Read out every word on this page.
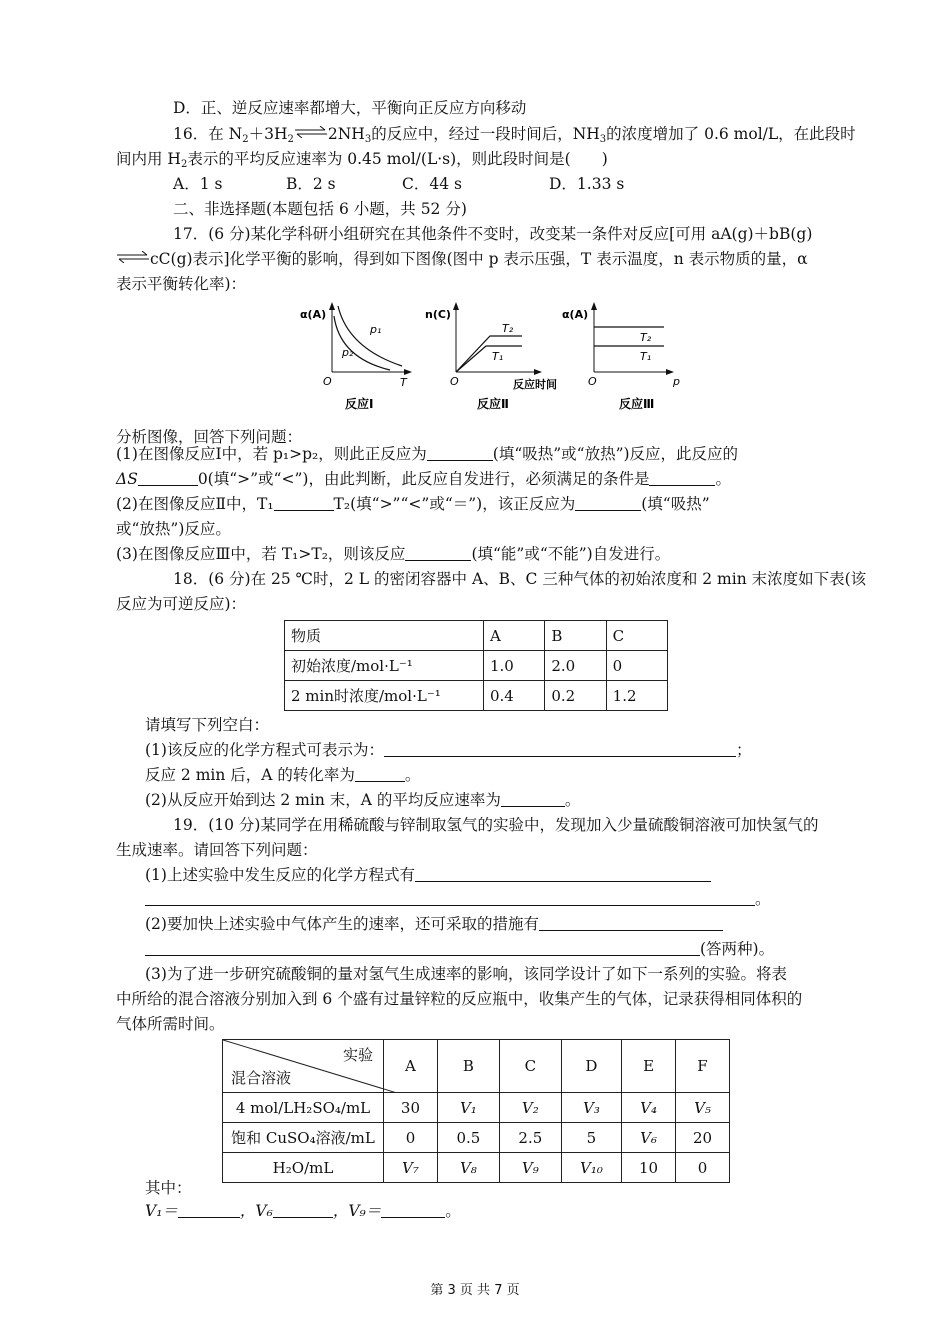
D．正、逆反应速率都增大，平衡向正反应方向移动
16．在 $N_2+3H_2$ $\rightleftharpoons 2NH_3$的反应中，经过一段时间后，$NH_3$的浓度增加了 0.6 mol/L，在此段时
间内用 $H_2$表示的平均反应速率为 0.45 mol/(L·s)，则此段时间是(　　)
A．1 s	B．2 s	C．44 s	D．1.33 s
二、非选择题(本题包括 6 小题，共 52 分)
17．(6 分)某化学科研小组研究在其他条件不变时，改变某一条件对反应[可用 aA(g)＋bB(g)
⇌cC(g)表示]化学平衡的影响，得到如下图像(图中 p 表示压强，T 表示温度，n 表示物质的量，α
表示平衡转化率)：
α(A)
p₁
p₂
O	T
反应Ⅰ
n(C)
T₂
T₁
O	反应时间
反应Ⅱ
α(A)
T₂
T₁
O	p
反应Ⅲ
分析图像，回答下列问题：
(1)在图像反应Ⅰ中，若 p₁>p₂，则此正反应为	(填“吸热”或“放热”)反应，此反应的
ΔS	0(填“>”或“<”)，由此判断，此反应自发进行，必须满足的条件是	。
(2)在图像反应Ⅱ中，T₁	T₂(填“>”“<”或“＝”)，该正反应为	(填“吸热”
或“放热”)反应。
(3)在图像反应Ⅲ中，若 T₁>T₂，则该反应	(填“能”或“不能”)自发进行。
18．(6 分)在 25 ℃时，2 L 的密闭容器中 A、B、C 三种气体的初始浓度和 2 min 末浓度如下表(该
反应为可逆反应)：
物质	A	B	C
初始浓度/mol·L⁻¹	1.0	2.0	0
2 min时浓度/mol·L⁻¹	0.4	0.2	1.2
请填写下列空白：
(1)该反应的化学方程式可表示为：	；
反应 2 min 后，A 的转化率为	。
(2)从反应开始到达 2 min 末，A 的平均反应速率为	。
19．(10 分)某同学在用稀硫酸与锌制取氢气的实验中，发现加入少量硫酸铜溶液可加快氢气的
生成速率。请回答下列问题：
(1)上述实验中发生反应的化学方程式有
。
(2)要加快上述实验中气体产生的速率，还可采取的措施有
(答两种)。
(3)为了进一步研究硫酸铜的量对氢气生成速率的影响，该同学设计了如下一系列的实验。将表
中所给的混合溶液分别加入到 6 个盛有过量锌粒的反应瓶中，收集产生的气体，记录获得相同体积的
气体所需时间。
实验
混合溶液	A	B	C	D	E	F
4 mol/LH₂SO₄/mL	30	V₁	V₂	V₃	V₄	V₅
饱和 CuSO₄溶液/mL	0	0.5	2.5	5	V₆	20
H₂O/mL	V₇	V₈	V₉	V₁₀	10	0
其中：
V₁＝	，V₆	，V₉＝	。
第 3 页 共 7 页
